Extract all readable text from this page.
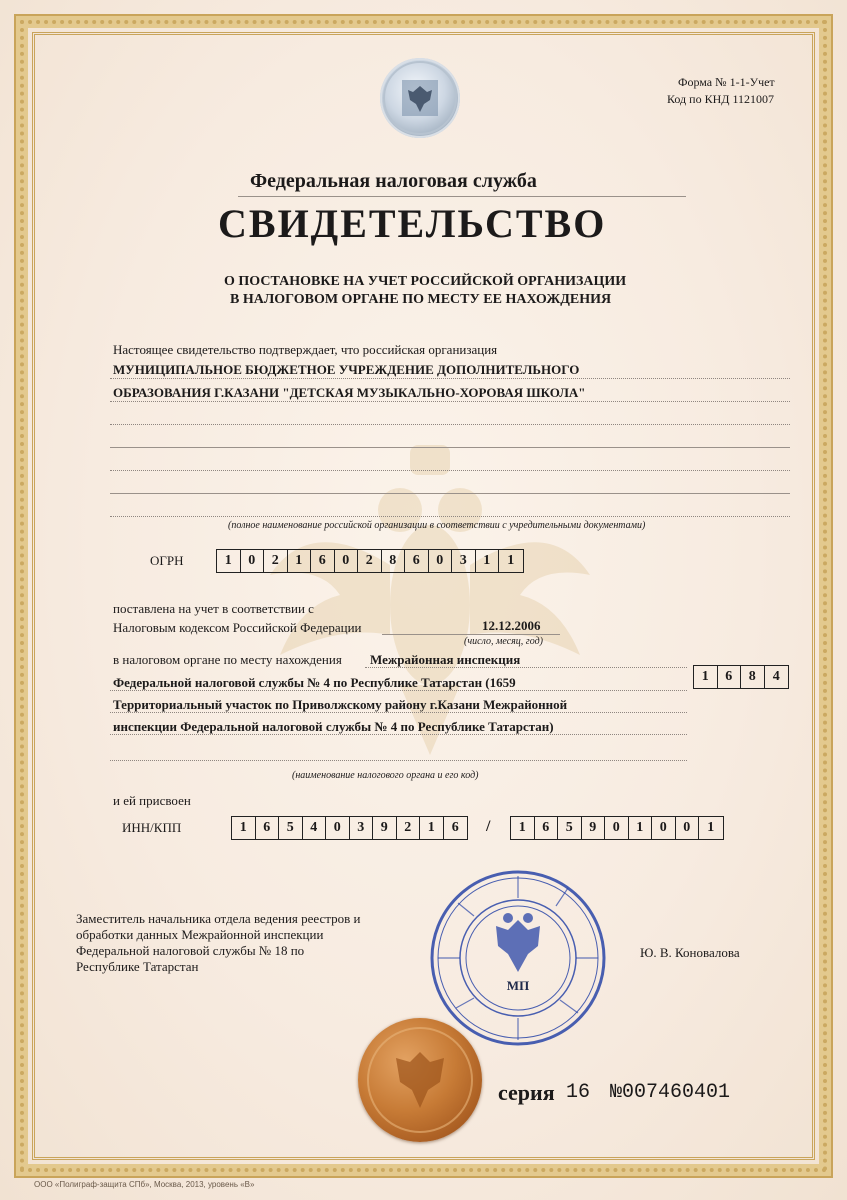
Форма № 1-1-Учет
Код по КНД 1121007
Федеральная налоговая служба
СВИДЕТЕЛЬСТВО
О ПОСТАНОВКЕ НА УЧЕТ РОССИЙСКОЙ ОРГАНИЗАЦИИ
В НАЛОГОВОМ ОРГАНЕ ПО МЕСТУ ЕЕ НАХОЖДЕНИЯ
Настоящее свидетельство подтверждает, что российская организация
МУНИЦИПАЛЬНОЕ БЮДЖЕТНОЕ УЧРЕЖДЕНИЕ ДОПОЛНИТЕЛЬНОГО
ОБРАЗОВАНИЯ Г.КАЗАНИ "ДЕТСКАЯ МУЗЫКАЛЬНО-ХОРОВАЯ ШКОЛА"
(полное наименование российской организации в соответствии с учредительными документами)
ОГРН	1	0	2	1	6	0	2	8	6	0	3	1	1
поставлена на учет в соответствии с
Налоговым кодексом Российской Федерации	12.12.2006
(число, месяц, год)
в налоговом органе по месту нахождения Межрайонная инспекция
Федеральной налоговой службы № 4 по Республике Татарстан (1659	1	6	8	4
Территориальный участок по Приволжскому району г.Казани Межрайонной
инспекции Федеральной налоговой службы № 4 по Республике Татарстан)
(наименование налогового органа и его код)
и ей присвоен
ИНН/КПП	1	6	5	4	0	3	9	2	1	6	/	1	6	5	9	0	1	0	0	1
Заместитель начальника отдела ведения реестров и
обработки данных Межрайонной инспекции
Федеральной налоговой службы № 18 по
Республике Татарстан
Ю. В. Коновалова
МП
серия 16 №007460401
ООО «Полиграф-защита СПб», Москва, 2013, уровень «В»
